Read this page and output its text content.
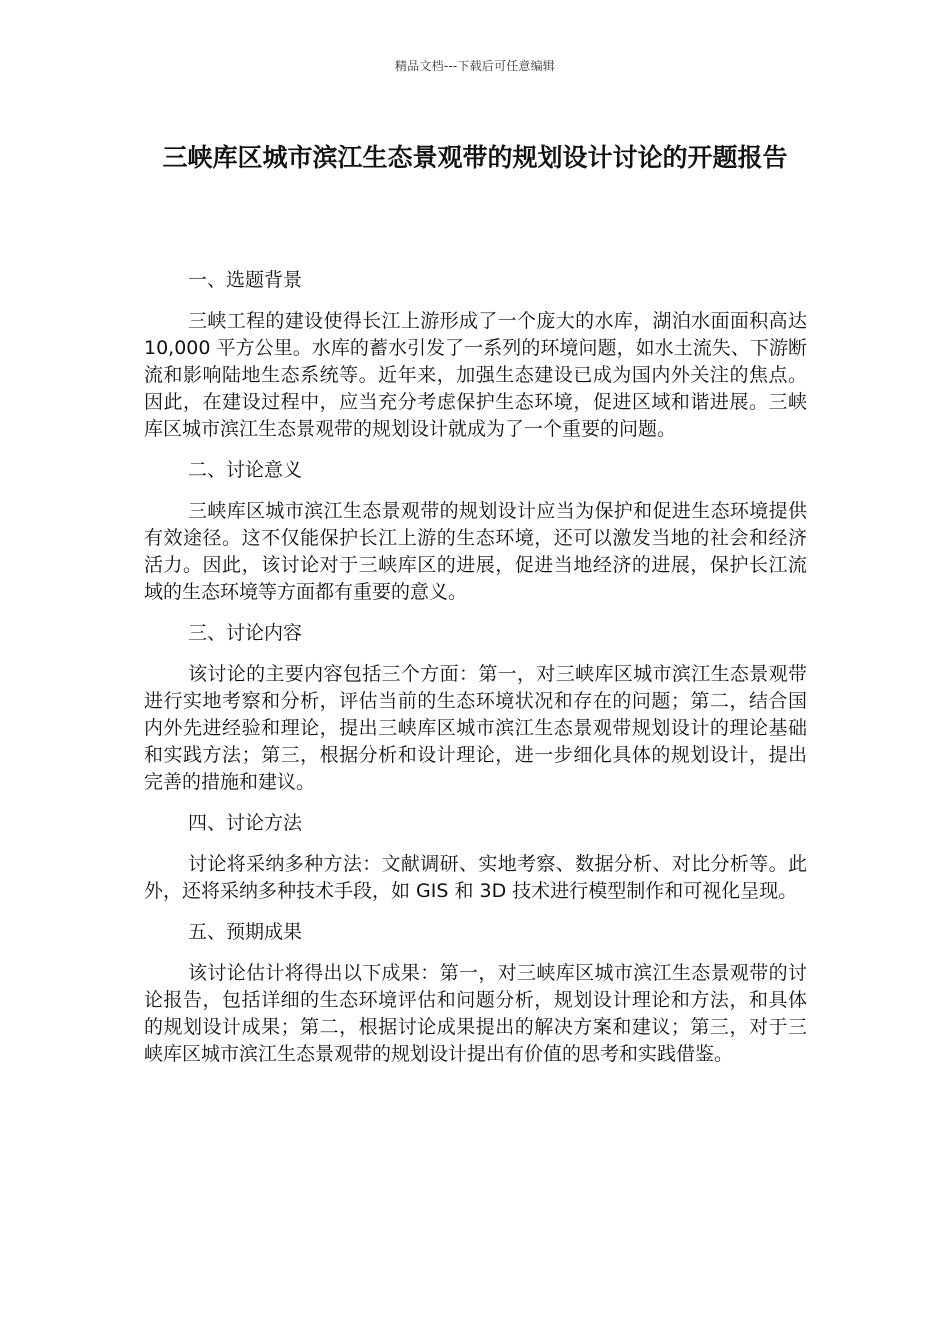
精品文档---下载后可任意编辑
三峡库区城市滨江生态景观带的规划设计讨论的开题报告

一、选题背景

三峡工程的建设使得长江上游形成了一个庞大的水库，湖泊水面面积高达 10,000 平方公里。水库的蓄水引发了一系列的环境问题，如水土流失、下游断流和影响陆地生态系统等。近年来，加强生态建设已成为国内外关注的焦点。因此，在建设过程中，应当充分考虑保护生态环境，促进区域和谐进展。三峡库区城市滨江生态景观带的规划设计就成为了一个重要的问题。

二、讨论意义

三峡库区城市滨江生态景观带的规划设计应当为保护和促进生态环境提供有效途径。这不仅能保护长江上游的生态环境，还可以激发当地的社会和经济活力。因此，该讨论对于三峡库区的进展，促进当地经济的进展，保护长江流域的生态环境等方面都有重要的意义。

三、讨论内容

该讨论的主要内容包括三个方面：第一，对三峡库区城市滨江生态景观带进行实地考察和分析，评估当前的生态环境状况和存在的问题；第二，结合国内外先进经验和理论，提出三峡库区城市滨江生态景观带规划设计的理论基础和实践方法；第三，根据分析和设计理论，进一步细化具体的规划设计，提出完善的措施和建议。

四、讨论方法

讨论将采纳多种方法：文献调研、实地考察、数据分析、对比分析等。此外，还将采纳多种技术手段，如 GIS 和 3D 技术进行模型制作和可视化呈现。

五、预期成果

该讨论估计将得出以下成果：第一，对三峡库区城市滨江生态景观带的讨论报告，包括详细的生态环境评估和问题分析，规划设计理论和方法，和具体的规划设计成果；第二，根据讨论成果提出的解决方案和建议；第三，对于三峡库区城市滨江生态景观带的规划设计提出有价值的思考和实践借鉴。
